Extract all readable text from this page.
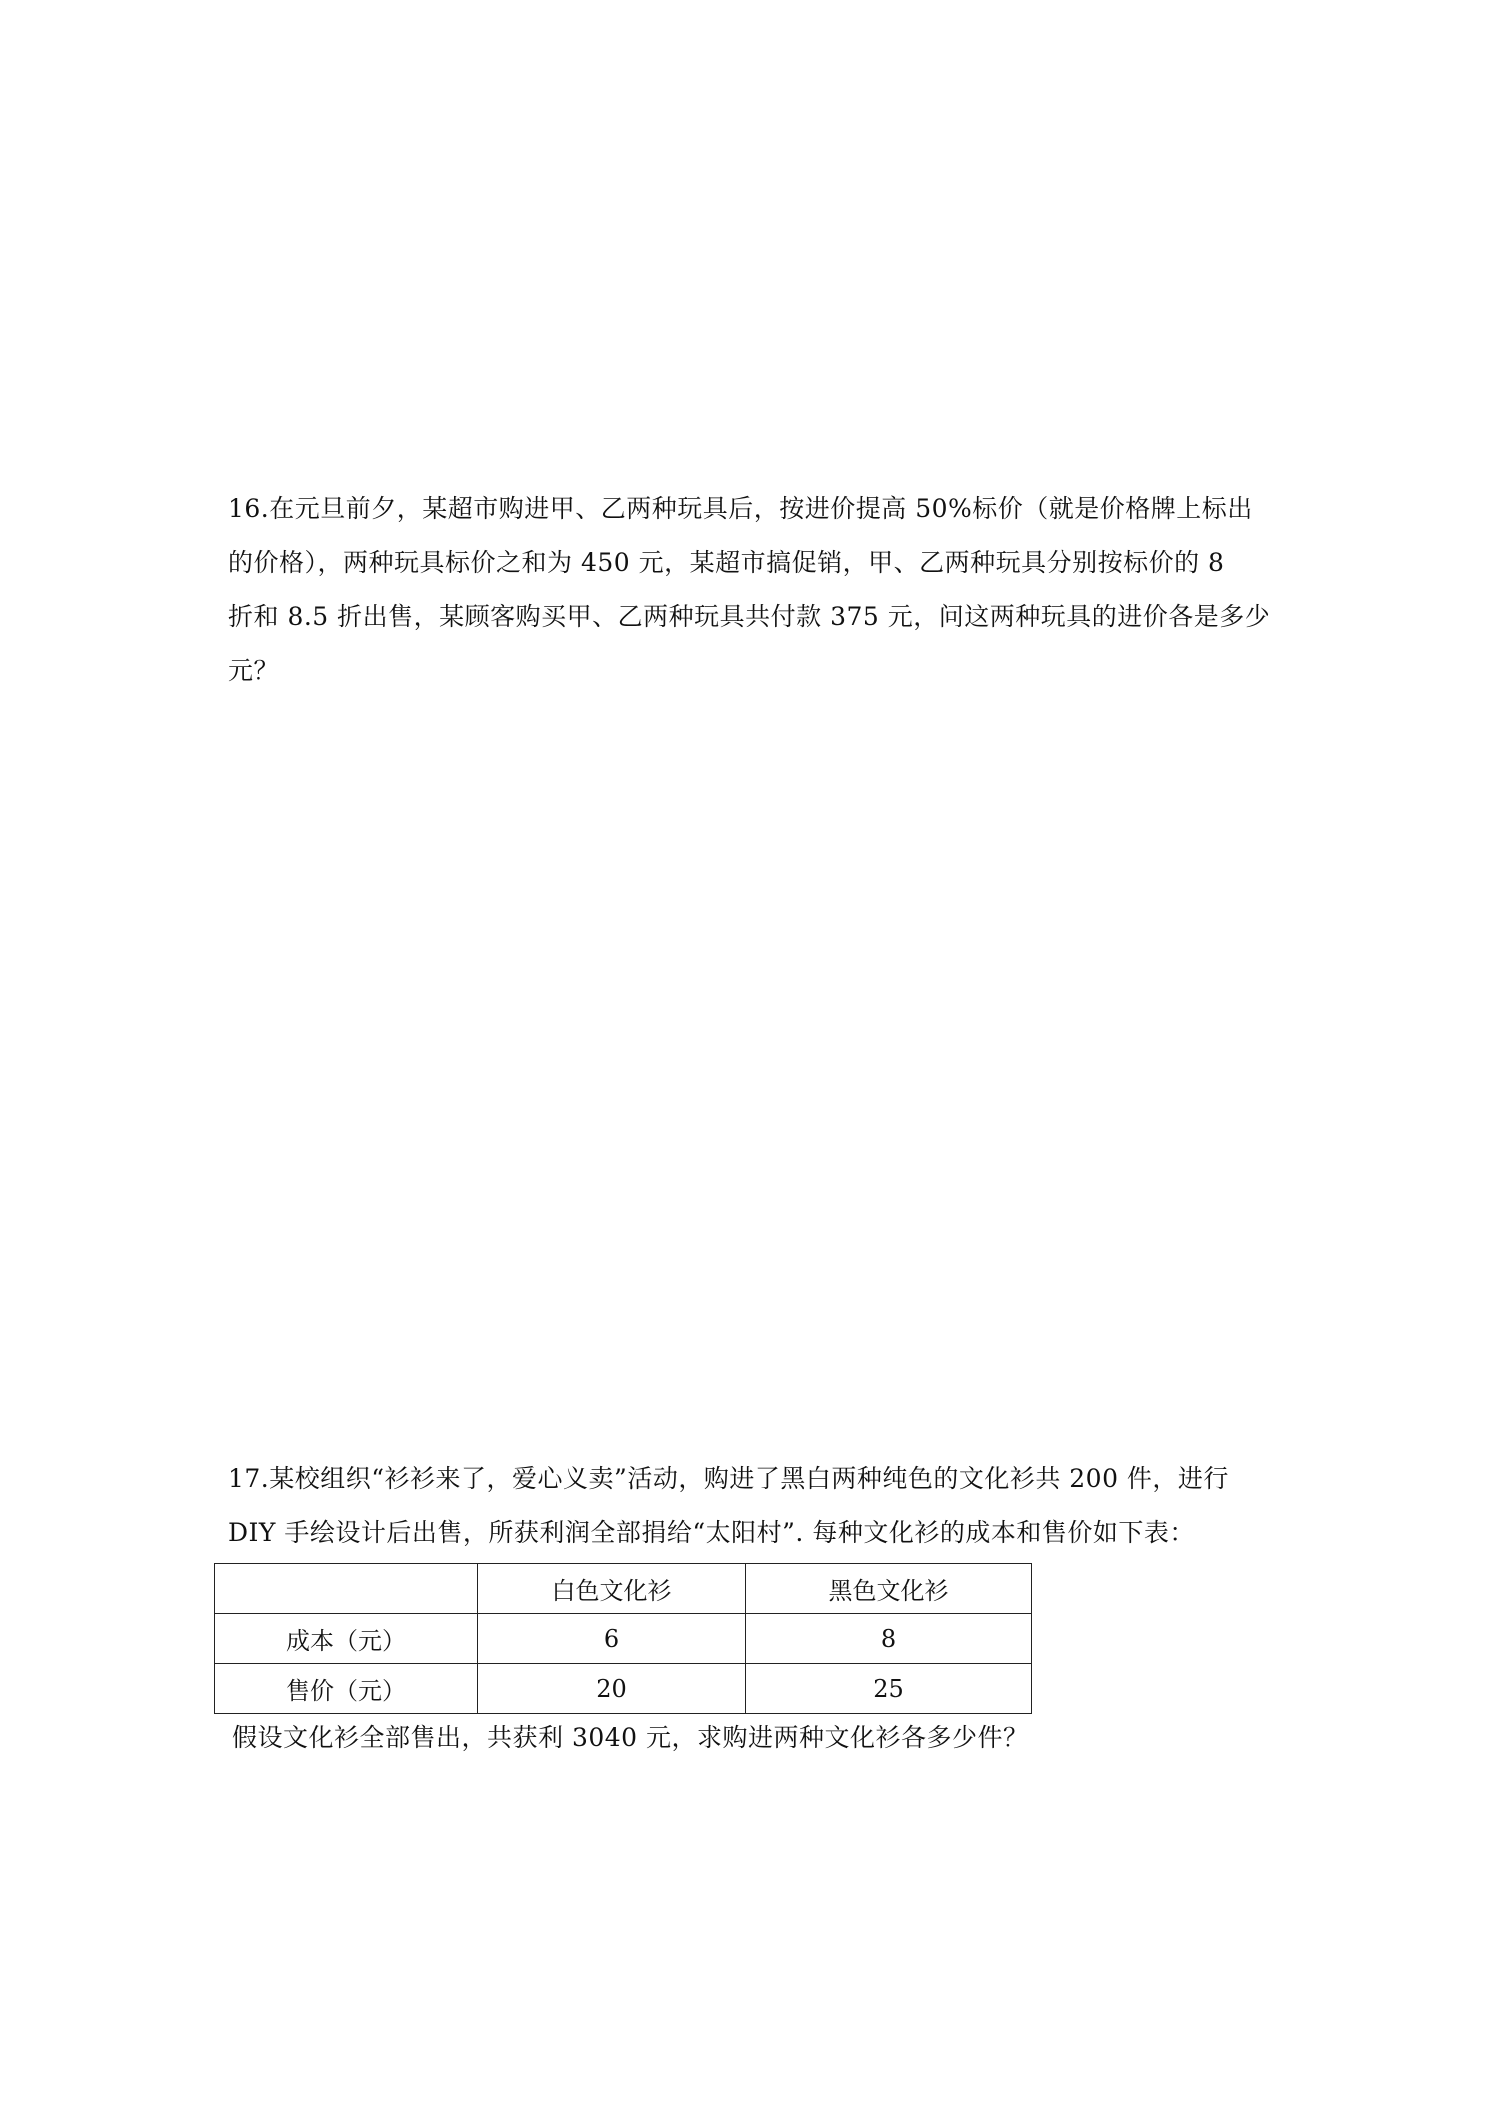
16.在元旦前夕，某超市购进甲、乙两种玩具后，按进价提高 50%标价（就是价格牌上标出
的价格），两种玩具标价之和为 450 元，某超市搞促销，甲、乙两种玩具分别按标价的 8
折和 8.5 折出售，某顾客购买甲、乙两种玩具共付款 375 元，问这两种玩具的进价各是多少
元？
17.某校组织“衫衫来了，爱心义卖”活动，购进了黑白两种纯色的文化衫共 200 件，进行
DIY 手绘设计后出售，所获利润全部捐给“太阳村”. 每种文化衫的成本和售价如下表：
	白色文化衫	黑色文化衫
成本（元）	6	8
售价（元）	20	25
假设文化衫全部售出，共获利 3040 元，求购进两种文化衫各多少件？
